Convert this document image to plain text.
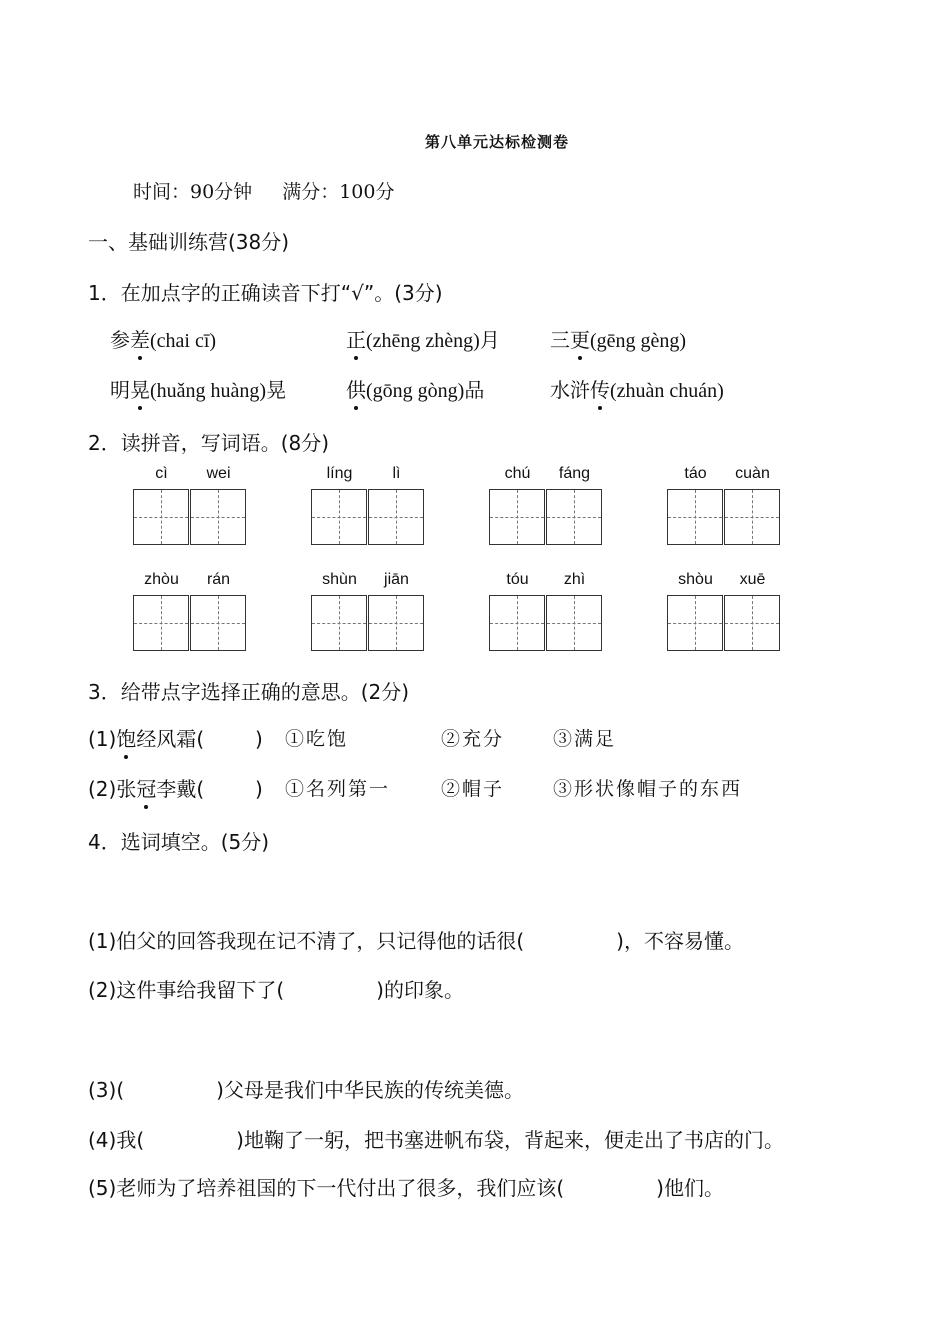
第八单元达标检测卷
时间：90分钟 满分：100分
一、基础训练营(38分)
1．在加点字的正确读音下打“√”。(3分)
参差(chai cī)	正(zhēng zhèng)月	三更(gēng gèng)
明晃(huǎng huàng)晃	供(gōng gòng)品	水浒传(zhuàn chuán)
2．读拼音，写词语。(8分)
cì	wei	líng	lì	chú	fáng	táo	cuàn
zhòu	rán	shùn	jiān	tóu	zhì	shòu	xuē
3．给带点字选择正确的意思。(2分)
(1)饱经风霜(        ) ①吃饱	②充分	③满足
(2)张冠李戴(        ) ①名列第一	②帽子	③形状像帽子的东西
4．选词填空。(5分)
(1)伯父的回答我现在记不清了，只记得他的话很(	)，不容易懂。
(2)这件事给我留下了(	)的印象。
(3)(	)父母是我们中华民族的传统美德。
(4)我(	)地鞠了一躬，把书塞进帆布袋，背起来，便走出了书店的门。
(5)老师为了培养祖国的下一代付出了很多，我们应该(	)他们。
